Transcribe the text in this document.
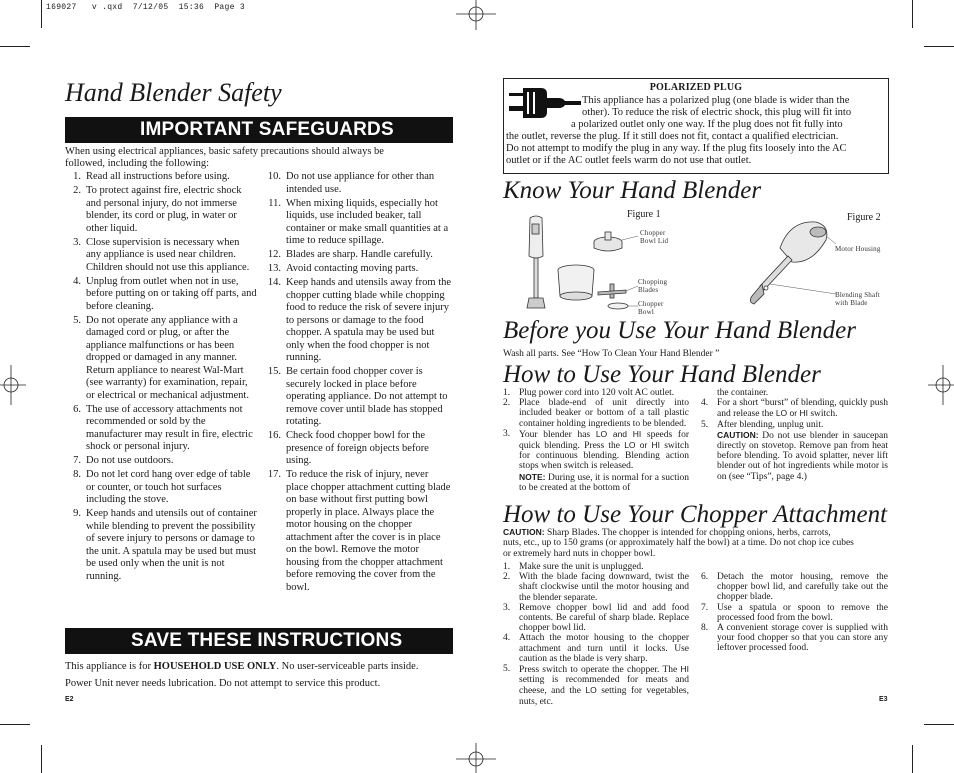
169027   v .qxd  7/12/05  15:36  Page 3
Hand Blender Safety
IMPORTANT SAFEGUARDS
When using electrical appliances, basic safety precautions should always be
followed, including the following:
1. Read all instructions before using.
2. To protect against fire, electric shock and personal injury, do not immerse blender, its cord or plug, in water or other liquid.
3. Close supervision is necessary when any appliance is used near children. Children should not use this appliance.
4. Unplug from outlet when not in use, before putting on or taking off parts, and before cleaning.
5. Do not operate any appliance with a damaged cord or plug, or after the appliance malfunctions or has been dropped or damaged in any manner. Return appliance to nearest Wal-Mart (see warranty) for examination, repair, or electrical or mechanical adjustment.
6. The use of accessory attachments not recommended or sold by the manufacturer may result in fire, electric shock or personal injury.
7. Do not use outdoors.
8. Do not let cord hang over edge of table or counter, or touch hot surfaces including the stove.
9. Keep hands and utensils out of container while blending to prevent the possibility of severe injury to persons or damage to the unit. A spatula may be used but must be used only when the unit is not running.
10. Do not use appliance for other than intended use.
11. When mixing liquids, especially hot liquids, use included beaker, tall container or make small quantities at a time to reduce spillage.
12. Blades are sharp. Handle carefully.
13. Avoid contacting moving parts.
14. Keep hands and utensils away from the chopper cutting blade while chopping food to reduce the risk of severe injury to persons or damage to the food chopper. A spatula may be used but only when the food chopper is not running.
15. Be certain food chopper cover is securely locked in place before operating appliance. Do not attempt to remove cover until blade has stopped rotating.
16. Check food chopper bowl for the presence of foreign objects before using.
17. To reduce the risk of injury, never place chopper attachment cutting blade on base without first putting bowl properly in place. Always place the motor housing on the chopper attachment after the cover is in place on the bowl. Remove the motor housing from the chopper attachment before removing the cover from the bowl.
SAVE THESE INSTRUCTIONS
This appliance is for HOUSEHOLD USE ONLY. No user-serviceable parts inside.
Power Unit never needs lubrication. Do not attempt to service this product.
E2
POLARIZED PLUG
This appliance has a polarized plug (one blade is wider than the
other). To reduce the risk of electric shock, this plug will fit into
a polarized outlet only one way. If the plug does not fit fully into
the outlet, reverse the plug. If it still does not fit, contact a qualified electrician.
Do not attempt to modify the plug in any way. If the plug fits loosely into the AC
outlet or if the AC outlet feels warm do not use that outlet.
Know Your Hand Blender
Figure 1
Chopper
Bowl Lid
Chopping
Blades
Chopper
Bowl
Figure 2
Motor Housing
Blending Shaft
with Blade
Before you Use Your Hand Blender
Wash all parts. See “How To Clean Your Hand Blender ”
How to Use Your Hand Blender
1. Plug power cord into 120 volt AC outlet.
2. Place blade-end of unit directly into included beaker or bottom of a tall plastic container holding ingredients to be blended.
3. Your blender has LO and HI speeds for quick blending. Press the LO or HI switch for continuous blending. Blending action stops when switch is released.
NOTE: During use, it is normal for a suction to be created at the bottom of
the container.
4. For a short “burst” of blending, quickly push and release the LO or HI switch.
5. After blending, unplug unit.
CAUTION: Do not use blender in saucepan directly on stovetop. Remove pan from heat before blending. To avoid splatter, never lift blender out of hot ingredients while motor is on (see “Tips”, page 4.)
How to Use Your Chopper Attachment
CAUTION: Sharp Blades. The chopper is intended for chopping onions, herbs, carrots,
nuts, etc., up to 150 grams (or approximately half the bowl) at a time. Do not chop ice cubes
or extremely hard nuts in chopper bowl.
1. Make sure the unit is unplugged.
2. With the blade facing downward, twist the shaft clockwise until the motor housing and the blender separate.
3. Remove chopper bowl lid and add food contents. Be careful of sharp blade. Replace chopper bowl lid.
4. Attach the motor housing to the chopper attachment and turn until it locks. Use caution as the blade is very sharp.
5. Press switch to operate the chopper. The HI setting is recommended for meats and cheese, and the LO setting for vegetables, nuts, etc.
6. Detach the motor housing, remove the chopper bowl lid, and carefully take out the chopper blade.
7. Use a spatula or spoon to remove the processed food from the bowl.
8. A convenient storage cover is supplied with your food chopper so that you can store any leftover processed food.
E3
